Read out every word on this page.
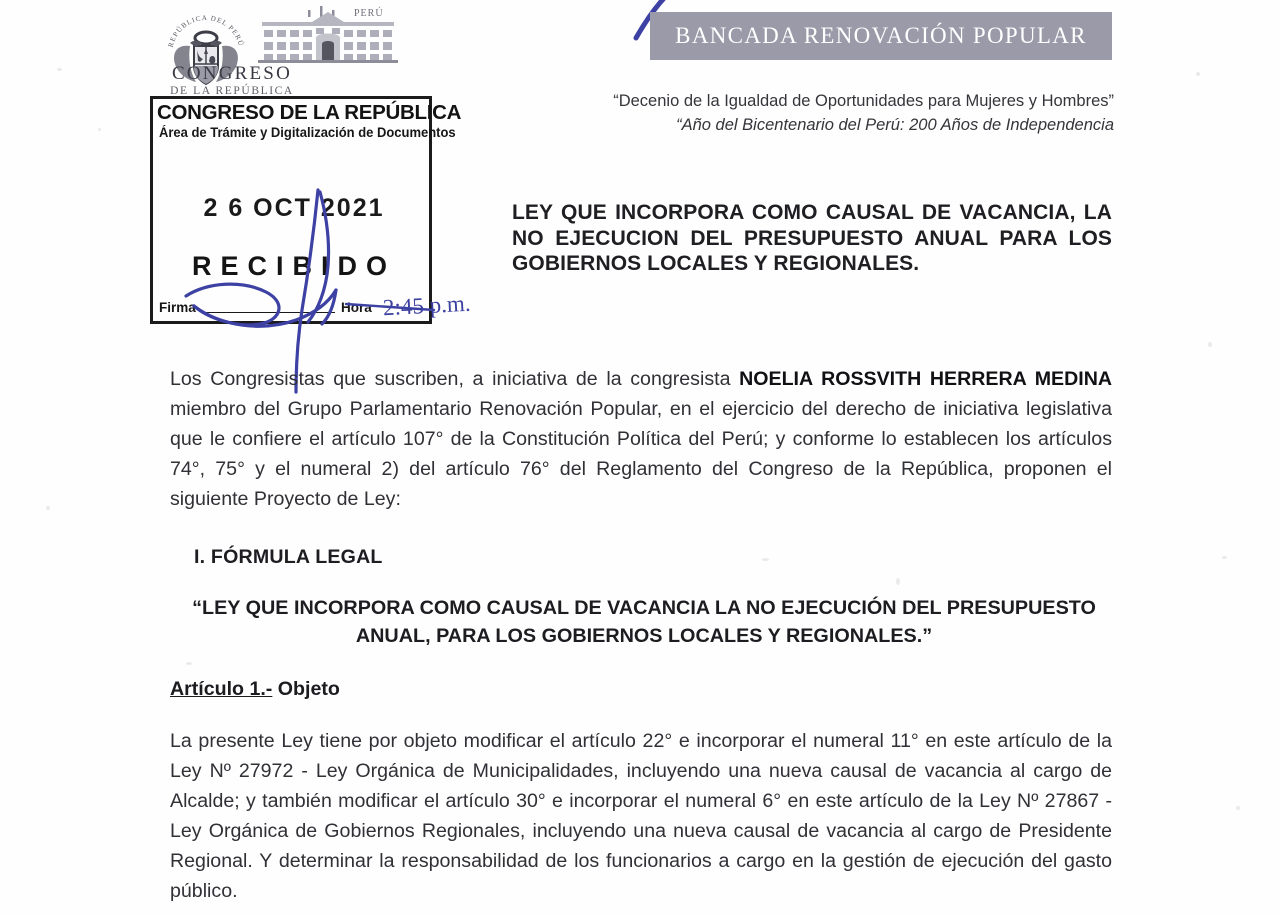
REPÚBLICA DEL PERÚ
PERÚ
CONGRESO
DE LA REPÚBLICA
CONGRESO DE LA REPÚBLICA
Área de Trámite y Digitalización de Documentos
2 6 OCT 2021
RECIBIDO
Firma	Hora 2:45 p.m.
BANCADA RENOVACIÓN POPULAR
“Decenio de la Igualdad de Oportunidades para Mujeres y Hombres”
“Año del Bicentenario del Perú: 200 Años de Independencia
LEY QUE INCORPORA COMO CAUSAL DE VACANCIA, LA NO EJECUCION DEL PRESUPUESTO ANUAL PARA LOS GOBIERNOS LOCALES Y REGIONALES.

Los Congresistas que suscriben, a iniciativa de la congresista NOELIA ROSSVITH HERRERA MEDINA miembro del Grupo Parlamentario Renovación Popular, en el ejercicio del derecho de iniciativa legislativa que le confiere el artículo 107° de la Constitución Política del Perú; y conforme lo establecen los artículos 74°, 75° y el numeral 2) del artículo 76° del Reglamento del Congreso de la República, proponen el siguiente Proyecto de Ley:

I. FÓRMULA LEGAL
“LEY QUE INCORPORA COMO CAUSAL DE VACANCIA LA NO EJECUCIÓN DEL PRESUPUESTO ANUAL, PARA LOS GOBIERNOS LOCALES Y REGIONALES.”
Artículo 1.- Objeto

La presente Ley tiene por objeto modificar el artículo 22° e incorporar el numeral 11° en este artículo de la Ley Nº 27972 - Ley Orgánica de Municipalidades, incluyendo una nueva causal de vacancia al cargo de Alcalde; y también modificar el artículo 30° e incorporar el numeral 6° en este artículo de la Ley Nº 27867 - Ley Orgánica de Gobiernos Regionales, incluyendo una nueva causal de vacancia al cargo de Presidente Regional. Y determinar la responsabilidad de los funcionarios a cargo en la gestión de ejecución del gasto público.
